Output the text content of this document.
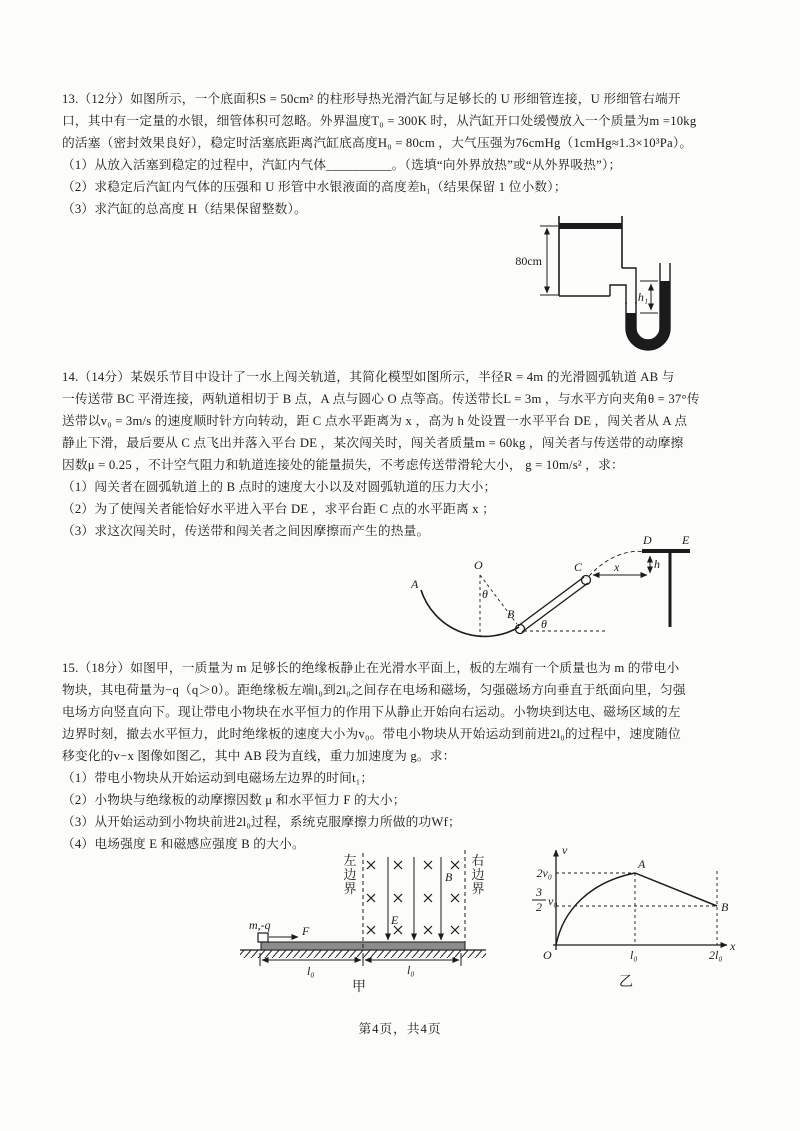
13.（12分）如图所示，一个底面积S = 50cm² 的柱形导热光滑汽缸与足够长的 U 形细管连接，U 形细管右端开
口，其中有一定量的水银，细管体积可忽略。外界温度T₀ = 300K 时，从汽缸开口处缓慢放入一个质量为m =10kg
的活塞（密封效果良好），稳定时活塞底距离汽缸底高度H₀ = 80cm ，大气压强为76cmHg（1cmHg≈1.3×10³Pa）。
（1）从放入活塞到稳定的过程中，汽缸内气体__________。（选填“向外界放热”或“从外界吸热”）；
（2）求稳定后汽缸内气体的压强和 U 形管中水银液面的高度差h₁（结果保留 1 位小数）；
（3）求汽缸的总高度 H（结果保留整数）。
80cm
h₁
14.（14分）某娱乐节目中设计了一水上闯关轨道，其简化模型如图所示，半径R = 4m 的光滑圆弧轨道 AB 与
一传送带 BC 平滑连接，两轨道相切于 B 点，A 点与圆心 O 点等高。传送带长L = 3m ，与水平方向夹角θ = 37°传
送带以v₀ = 3m/s 的速度顺时针方向转动，距 C 点水平距离为 x ，高为 h 处设置一水平平台 DE ，闯关者从 A 点
静止下滑，最后要从 C 点飞出并落入平台 DE ，某次闯关时，闯关者质量m = 60kg ，闯关者与传送带的动摩擦
因数μ = 0.25 ，不计空气阻力和轨道连接处的能量损失，不考虑传送带滑轮大小， g = 10m/s² ，求：
（1）闯关者在圆弧轨道上的 B 点时的速度大小以及对圆弧轨道的压力大小；
（2）为了使闯关者能恰好水平进入平台 DE ，求平台距 C 点的水平距离 x ；
（3）求这次闯关时，传送带和闯关者之间因摩擦而产生的热量。
A
O
θ
B
C
θ
D	E
h
x
15.（18分）如图甲，一质量为 m 足够长的绝缘板静止在光滑水平面上，板的左端有一个质量也为 m 的带电小
物块，其电荷量为−q（q＞0）。距绝缘板左端l₀到2l₀之间存在电场和磁场，匀强磁场方向垂直于纸面向里，匀强
电场方向竖直向下。现让带电小物块在水平恒力的作用下从静止开始向右运动。小物块到达电、磁场区域的左
边界时刻，撤去水平恒力，此时绝缘板的速度大小为v₀。带电小物块从开始运动到前进2l₀的过程中，速度随位
移变化的v−x 图像如图乙，其中 AB 段为直线，重力加速度为 g。求：
（1）带电小物块从开始运动到电磁场左边界的时间t₁；
（2）小物块与绝缘板的动摩擦因数 μ 和水平恒力 F 的大小；
（3）从开始运动到小物块前进2l₀过程，系统克服摩擦力所做的功Wf；
（4）电场强度 E 和磁感应强度 B 的大小。
左
边
界
右
边
界
B
E
m,-q	F
l₀	l₀
甲
v
x
O
2v₀
3
2 v₀
A
B
l₀	2l₀
乙
第4页，共4页
